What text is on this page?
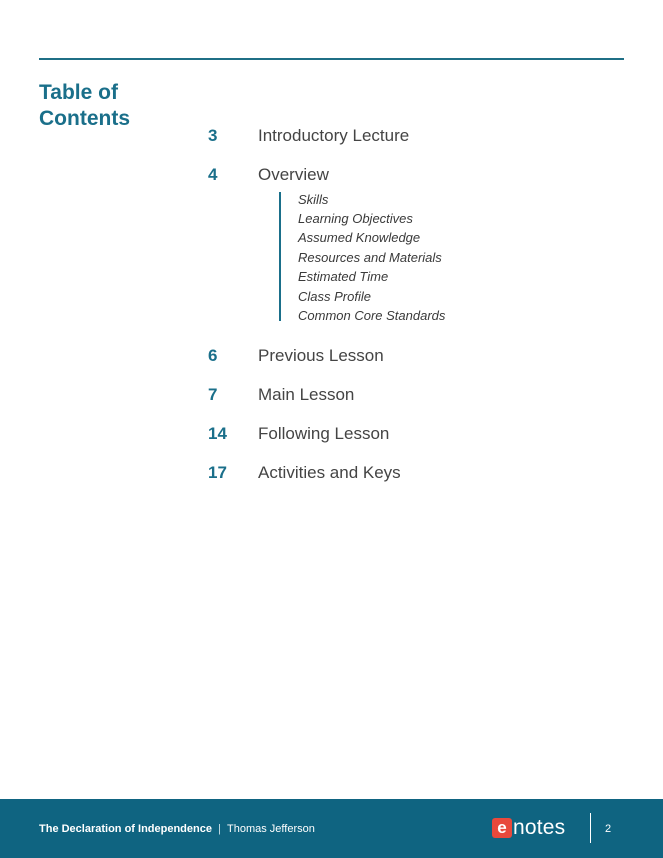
Table of Contents
3 Introductory Lecture
4 Overview
Skills
Learning Objectives
Assumed Knowledge
Resources and Materials
Estimated Time
Class Profile
Common Core Standards
6 Previous Lesson
7 Main Lesson
14 Following Lesson
17 Activities and Keys
The Declaration of Independence | Thomas Jefferson	e notes	2
